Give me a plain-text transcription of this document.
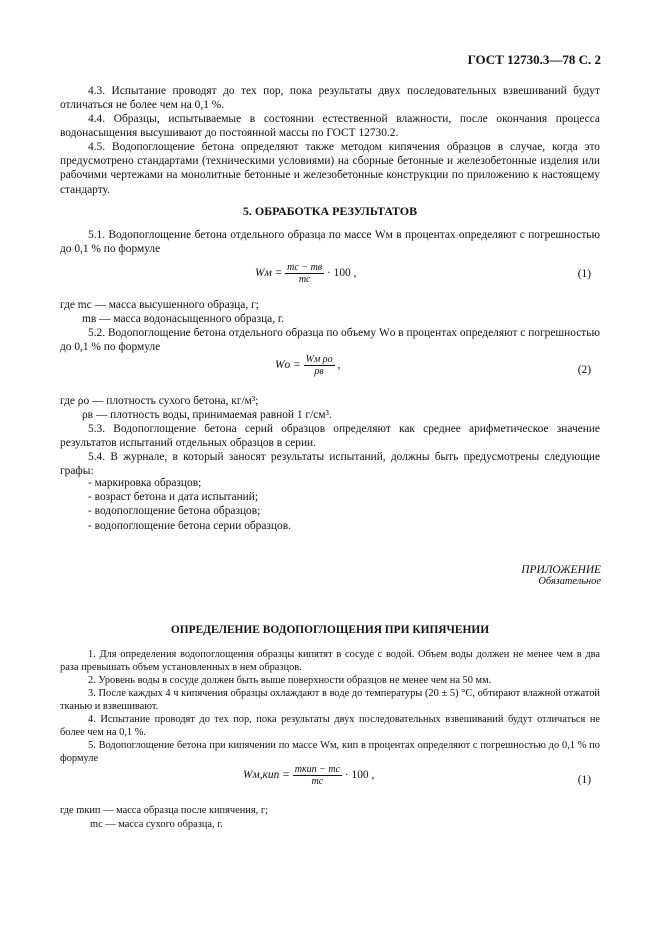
ГОСТ 12730.3—78 С. 2
4.3. Испытание проводят до тех пор, пока результаты двух последовательных взвешиваний будут отличаться не более чем на 0,1 %.
4.4. Образцы, испытываемые в состоянии естественной влажности, после окончания процесса водонасыщения высушивают до постоянной массы по ГОСТ 12730.2.
4.5. Водопоглощение бетона определяют также методом кипячения образцов в случае, когда это предусмотрено стандартами (техническими условиями) на сборные бетонные и железобетонные изделия или рабочими чертежами на монолитные бетонные и железобетонные конструкции по приложению к настоящему стандарту.
5. ОБРАБОТКА РЕЗУЛЬТАТОВ
5.1. Водопоглощение бетона отдельного образца по массе Wм в процентах определяют с погрешностью до 0,1 % по формуле
Wм = $\frac{mс - mв}{mс} \cdot 100$ ,	(1)
где mс — масса высушенного образца, г;
mв — масса водонасыщенного образца, г.
5.2. Водопоглощение бетона отдельного образца по объему Wо в процентах определяют с погрешностью до 0,1 % по формуле
Wо = $\frac{\text{Wм ρо}}{\rho в}$ ,	(2)
где ρо — плотность сухого бетона, кг/м³;
ρв — плотность воды, принимаемая равной 1 г/см³.
5.3. Водопоглощение бетона серий образцов определяют как среднее арифметическое значение результатов испытаний отдельных образцов в серии.
5.4. В журнале, в который заносят результаты испытаний, должны быть предусмотрены следующие графы:
- маркировка образцов;
- возраст бетона и дата испытаний;
- водопоглощение бетона образцов;
- водопоглощение бетона серии образцов.
ПРИЛОЖЕНИЕ
Обязательное
ОПРЕДЕЛЕНИЕ ВОДОПОГЛОЩЕНИЯ ПРИ КИПЯЧЕНИИ
1. Для определения водопоглощения образцы кипятят в сосуде с водой. Объем воды должен не менее чем в два раза превышать объем установленных в нем образцов.
2. Уровень воды в сосуде должен быть выше поверхности образцов не менее чем на 50 мм.
3. После каждых 4 ч кипячения образцы охлаждают в воде до температуры (20 ± 5) °С, обтирают влажной отжатой тканью и взвешивают.
4. Испытание проводят до тех пор, пока результаты двух последовательных взвешиваний будут отличаться не более чем на 0,1 %.
5. Водопоглощение бетона при кипячении по массе Wм, кип в процентах определяют с погрешностью до 0,1 % по формуле
$Wм,кип = \frac{\text{mкип − mс}}{mс} \cdot 100$ ,	(1)
где mкип — масса образца после кипячения, г;
mс — масса сухого образца, г.
